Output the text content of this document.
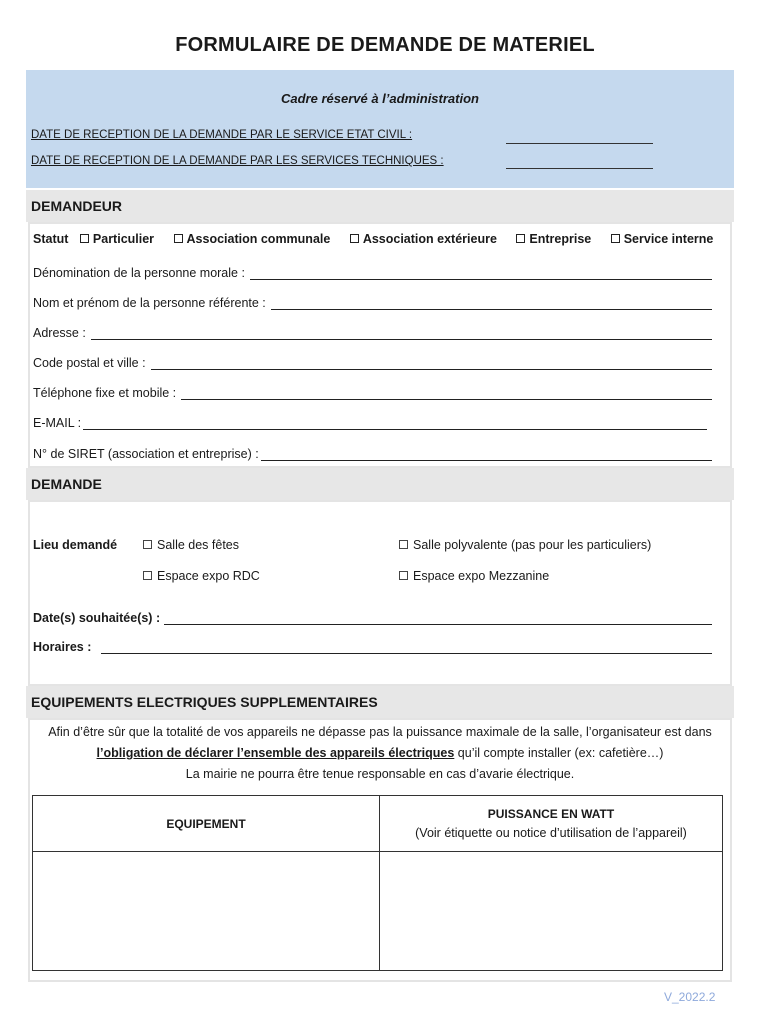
FORMULAIRE DE DEMANDE DE MATERIEL
Cadre réservé à l’administration
DATE DE RECEPTION DE LA DEMANDE PAR LE SERVICE ETAT CIVIL :
DATE DE RECEPTION DE LA DEMANDE PAR LES SERVICES TECHNIQUES :
DEMANDEUR
Statut Particulier	Association communale	Association extérieure	Entreprise	Service interne
Dénomination de la personne morale :
Nom et prénom de la personne référente :
Adresse :
Code postal et ville :
Téléphone fixe et mobile :
E-MAIL :
N° de SIRET (association et entreprise) :
DEMANDE
Lieu demandé	Salle des fêtes	Salle polyvalente (pas pour les particuliers)
Espace expo RDC	Espace expo Mezzanine
Date(s) souhaitée(s) :
Horaires :
EQUIPEMENTS ELECTRIQUES SUPPLEMENTAIRES
Afin d’être sûr que la totalité de vos appareils ne dépasse pas la puissance maximale de la salle, l’organisateur est dans l’obligation de déclarer l’ensemble des appareils électriques qu’il compte installer (ex: cafetière…)
La mairie ne pourra être tenue responsable en cas d’avarie électrique.
EQUIPEMENT	PUISSANCE EN WATT
(Voir étiquette ou notice d’utilisation de l’appareil)

V_2022.2
